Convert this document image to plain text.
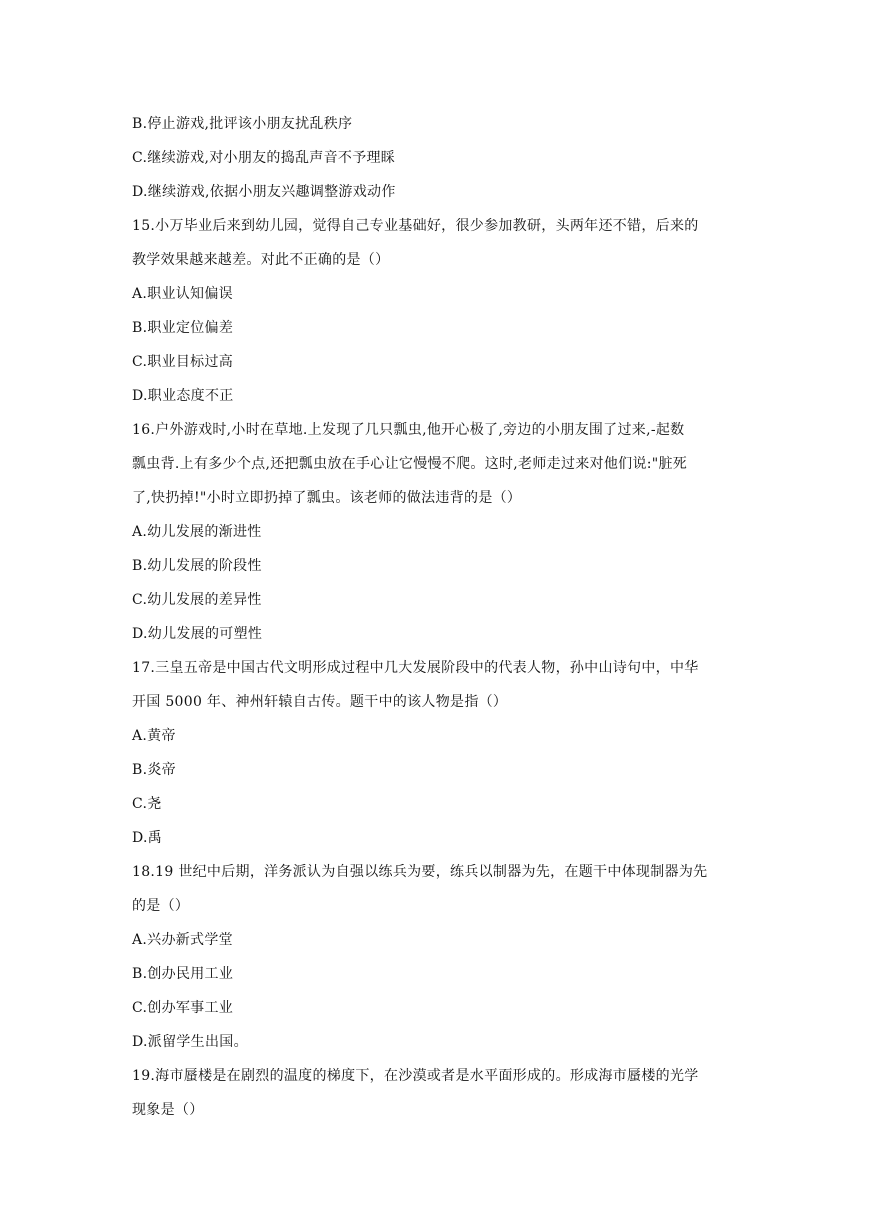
B.停止游戏,批评该小朋友扰乱秩序
C.继续游戏,对小朋友的捣乱声音不予理睬
D.继续游戏,依据小朋友兴趣调整游戏动作
15.小万毕业后来到幼儿园，觉得自己专业基础好，很少参加教研，头两年还不错，后来的
教学效果越来越差。对此不正确的是（）
A.职业认知偏误
B.职业定位偏差
C.职业目标过高
D.职业态度不正
16.户外游戏时,小时在草地.上发现了几只瓢虫,他开心极了,旁边的小朋友围了过来,-起数
瓢虫背.上有多少个点,还把瓢虫放在手心让它慢慢不爬。这时,老师走过来对他们说:"脏死
了,快扔掉!"小时立即扔掉了瓢虫。该老师的做法违背的是（）
A.幼儿发展的渐进性
B.幼儿发展的阶段性
C.幼儿发展的差异性
D.幼儿发展的可塑性
17.三皇五帝是中国古代文明形成过程中几大发展阶段中的代表人物，孙中山诗句中，中华
开国 5000 年、神州轩辕自古传。题干中的该人物是指（）
A.黄帝
B.炎帝
C.尧
D.禹
18.19 世纪中后期，洋务派认为自强以练兵为要，练兵以制器为先，在题干中体现制器为先
的是（）
A.兴办新式学堂
B.创办民用工业
C.创办军事工业
D.派留学生出国。
19.海市蜃楼是在剧烈的温度的梯度下，在沙漠或者是水平面形成的。形成海市蜃楼的光学
现象是（）
